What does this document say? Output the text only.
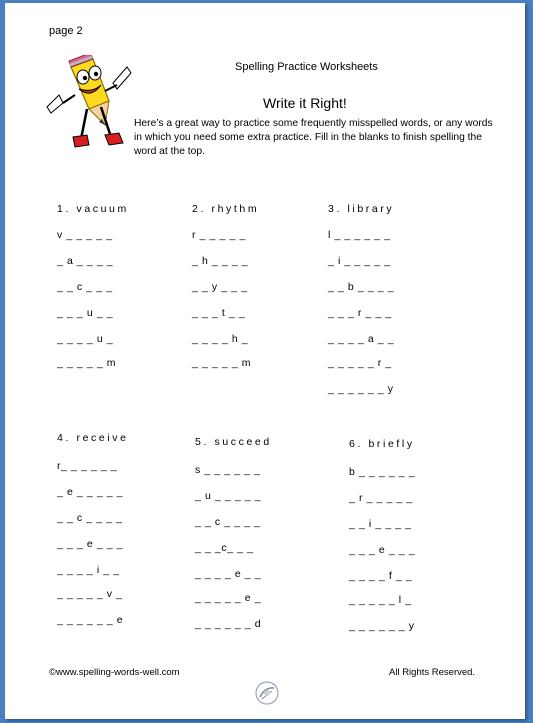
page 2
Spelling Practice Worksheets
Write it Right!
Here’s a great way to practice some frequently misspelled words, or any words in which you need some extra practice. Fill in the blanks to finish spelling the word at the top.
1. vacuum
v _ _ _ _ _
_ a _ _ _ _
_ _ c _ _ _
_ _ _ u _ _
_ _ _ _ u _
_ _ _ _ _ m
2. rhythm
r _ _ _ _ _
_ h _ _ _ _
_ _ y _ _ _
_ _ _ t _ _
_ _ _ _ h _
_ _ _ _ _ m
3. library
l _ _ _ _ _ _
_ i _ _ _ _ _
_ _ b _ _ _ _
_ _ _ r _ _ _
_ _ _ _ a _ _
_ _ _ _ _ r _
_ _ _ _ _ _ y
4. receive
r_ _ _ _ _ _
_ e _ _ _ _ _
_ _ c _ _ _ _
_ _ _ e _ _ _
_ _ _ _ i _ _
_ _ _ _ _ v _
_ _ _ _ _ _ e
5. succeed
s _ _ _ _ _ _
_ u _ _ _ _ _
_ _ c _ _ _ _
_ _ _c_ _ _
_ _ _ _ e _ _
_ _ _ _ _ e _
_ _ _ _ _ _ d
6. briefly
b _ _ _ _ _ _
_ r _ _ _ _ _
_ _ i _ _ _ _
_ _ _ e _ _ _
_ _ _ _ f _ _
_ _ _ _ _ l _
_ _ _ _ _ _ y
©www.spelling-words-well.com	All Rights Reserved.
